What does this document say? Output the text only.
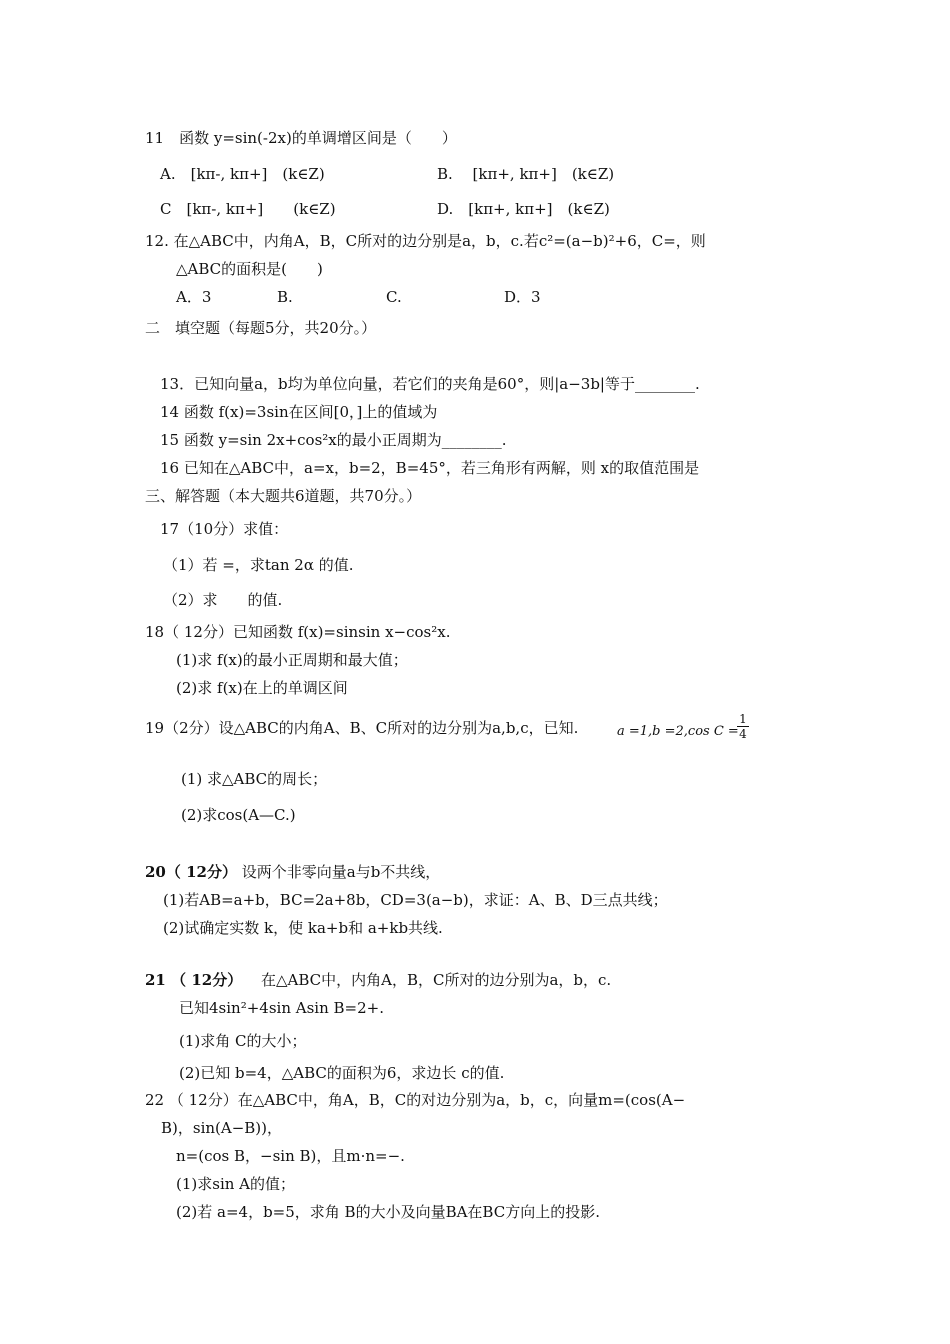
11　函数 y=sin(-2x)的单调增区间是（　　）
A.　[kπ-, kπ+]　(k∈Z)	B.　 [kπ+, kπ+]　(k∈Z)
C　[kπ-, kπ+]　　(k∈Z)	D.　[kπ+, kπ+]　(k∈Z)
12. 在△ABC中，内角A，B，C所对的边分别是a，b，c.若c²=(a−b)²+6，C=，则
△ABC的面积是(　　)
A．3	B.	C.	D．3
二　填空题（每题5分，共20分。）
13．已知向量a，b均为单位向量，若它们的夹角是60°，则|a−3b|等于________.
14 函数 f(x)=3sin在区间[0，]上的值域为
15 函数 y=sin 2x+cos²x的最小正周期为________.
16 已知在△ABC中，a=x，b=2，B=45°，若三角形有两解，则 x的取值范围是
三、解答题（本大题共6道题，共70分。）
17（10分）求值：
（1）若 =，求tan 2α 的值.
（2）求　　的值.
18（ 12分）已知函数 f(x)=sinsin x−cos²x.
(1)求 f(x)的最小正周期和最大值；
(2)求 f(x)在上的单调区间
19（2分）设△ABC的内角A、B、C所对的边分别为a,b,c，已知.	a =1,b =2,cos C =
$\frac{1}{4}$
(1) 求△ABC的周长；
(2)求cos(A—C.)
20（ 12分） 设两个非零向量a与b不共线，
(1)若AB=a+b，BC=2a+8b，CD=3(a−b)，求证：A、B、D三点共线；
(2)试确定实数 k，使 ka+b和 a+kb共线.
21 （ 12分） 在△ABC中，内角A，B，C所对的边分别为a，b，c.
已知4sin²+4sin Asin B=2+.
(1)求角 C的大小；
(2)已知 b=4，△ABC的面积为6，求边长 c的值.
22 （ 12分）在△ABC中，角A，B，C的对边分别为a，b，c，向量m=(cos(A−
B)，sin(A−B))，
n=(cos B，−sin B)，且m·n=−.
(1)求sin A的值；
(2)若 a=4，b=5，求角 B的大小及向量BA在BC方向上的投影.
